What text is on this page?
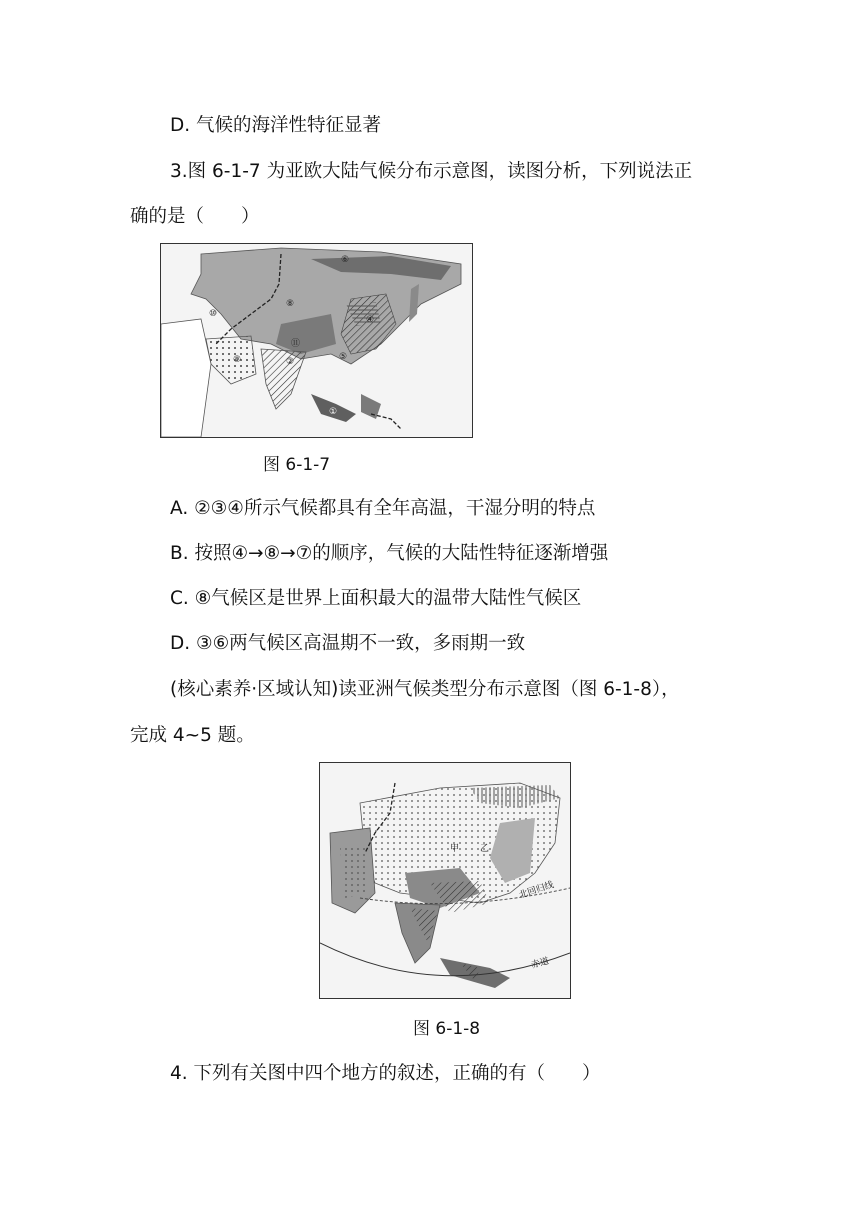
D. 气候的海洋性特征显著
3.图 6-1-7 为亚欧大陆气候分布示意图，读图分析，下列说法正
确的是（　　）
⑥
⑧
④
⑩
⑪
⑨	②	⑤
①
图 6-1-7
A. ②③④所示气候都具有全年高温，干湿分明的特点
B. 按照④→⑧→⑦的顺序，气候的大陆性特征逐渐增强
C. ⑧气候区是世界上面积最大的温带大陆性气候区
D. ③⑥两气候区高温期不一致，多雨期一致
(核心素养·区域认知)读亚洲气候类型分布示意图（图 6-1-8），
完成 4~5 题。
北回归线
赤道
甲 乙
图 6-1-8
4. 下列有关图中四个地方的叙述，正确的有（　　）
